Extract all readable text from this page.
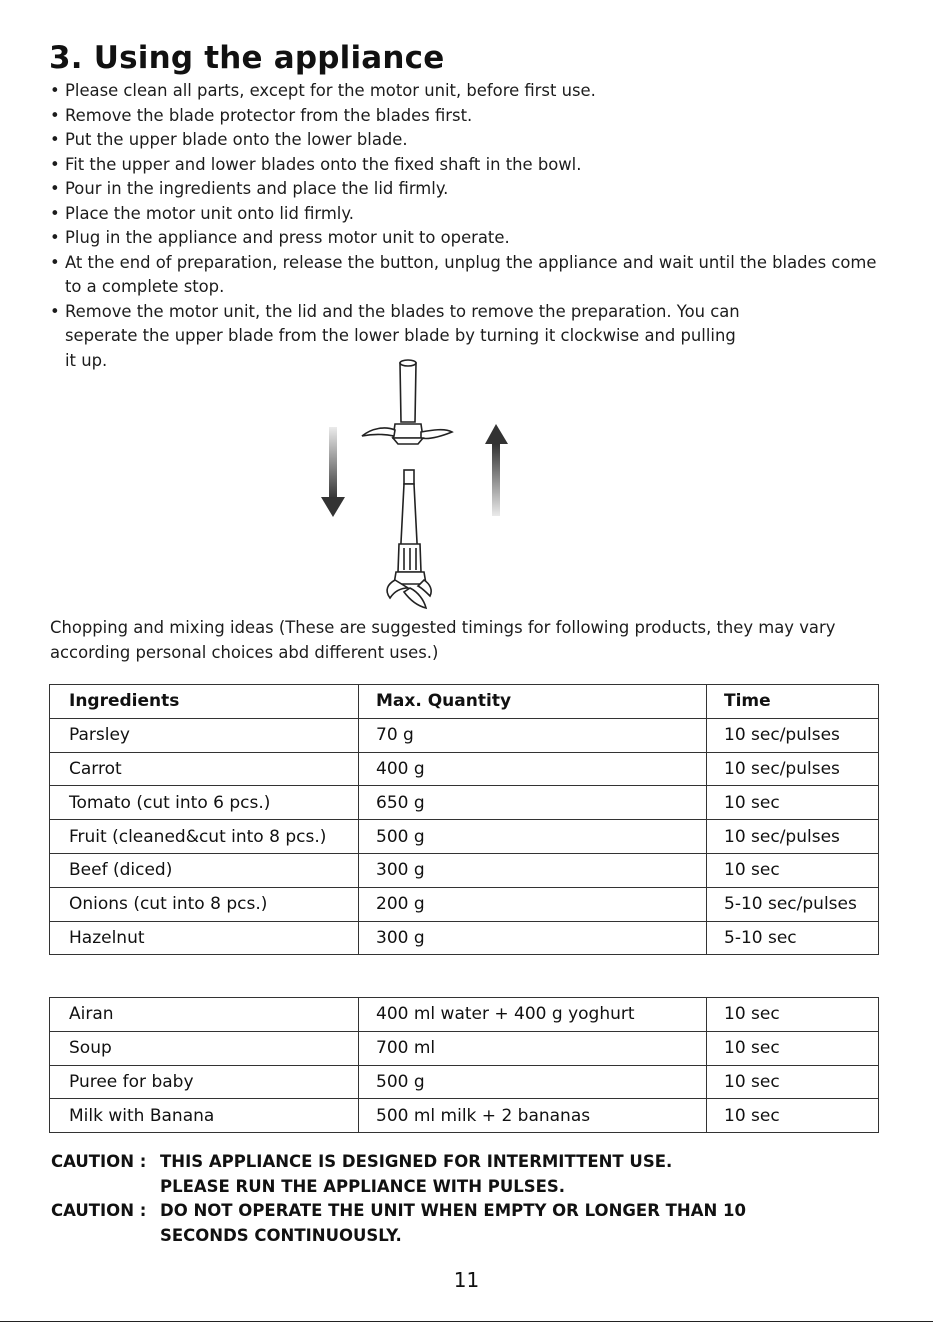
3. Using the appliance
• Please clean all parts, except for the motor unit, before first use.
• Remove the blade protector from the blades first.
• Put the upper blade onto the lower blade.
• Fit the upper and lower blades onto the fixed shaft in the bowl.
• Pour in the ingredients and place the lid firmly.
• Place the motor unit onto lid firmly.
• Plug in the appliance and press motor unit to operate.
• At the end of preparation, release the button, unplug the appliance and wait until the blades come to a complete stop.
• Remove the motor unit, the lid and the blades to remove the preparation. You can seperate the upper blade from the lower blade by turning it clockwise and pulling it up.

Chopping and mixing ideas (These are suggested timings for following products, they may vary according personal choices abd different uses.)

Ingredients	Max. Quantity	Time
Parsley	70 g	10 sec/pulses
Carrot	400 g	10 sec/pulses
Tomato (cut into 6 pcs.)	650 g	10 sec
Fruit (cleaned&cut into 8 pcs.)	500 g	10 sec/pulses
Beef (diced)	300 g	10 sec
Onions (cut into 8 pcs.)	200 g	5-10 sec/pulses
Hazelnut	300 g	5-10 sec
Airan	400 ml water + 400 g yoghurt	10 sec
Soup	700 ml	10 sec
Puree for baby	500 g	10 sec
Milk with Banana	500 ml milk + 2 bananas	10 sec
CAUTION : THIS APPLIANCE IS DESIGNED FOR INTERMITTENT USE. PLEASE RUN THE APPLIANCE WITH PULSES.
CAUTION : DO NOT OPERATE THE UNIT WHEN EMPTY OR LONGER THAN 10 SECONDS CONTINUOUSLY.
11
